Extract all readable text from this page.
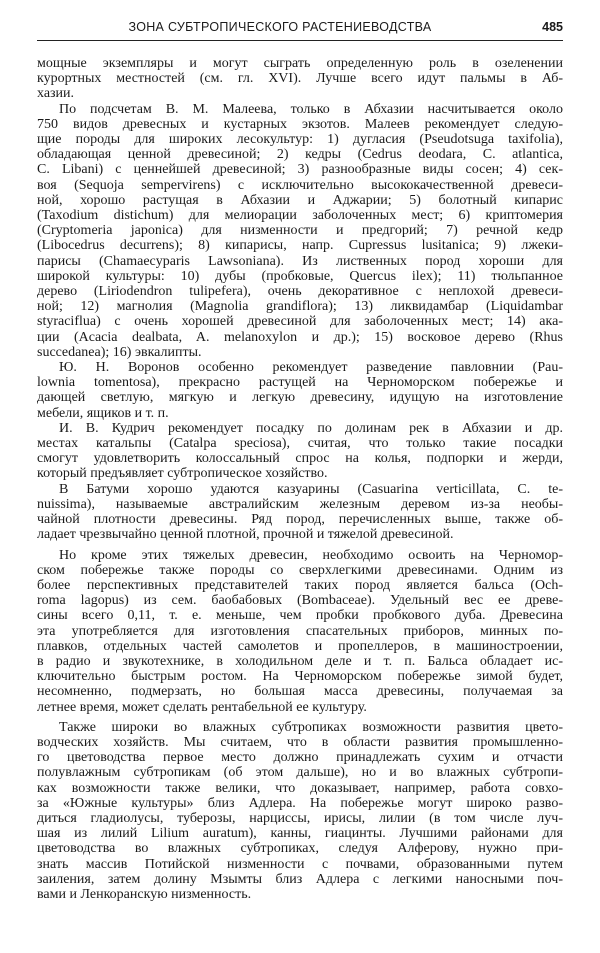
ЗОНА СУБТРОПИЧЕСКОГО РАСТЕНИЕВОДСТВА	485
мощные экземпляры и могут сыграть определенную роль в озеленении
курортных местностей (см. гл. XVI). Лучше всего идут пальмы в Аб-
хазии.
По подсчетам В. М. Малеева, только в Абхазии насчитывается около
750 видов древесных и кустарных экзотов. Малеев рекомендует следую-
щие породы для широких лесокультур: 1) дугласия (Pseudotsuga taxifolia),
обладающая ценной древесиной; 2) кедры (Cedrus deodara, C. atlantica,
C. Libani) с ценнейшей древесиной; 3) разнообразные виды сосен; 4) сек-
воя (Sequoja sempervirens) с исключительно высококачественной древеси-
ной, хорошо растущая в Абхазии и Аджарии; 5) болотный кипарис
(Taxodium distichum) для мелиорации заболоченных мест; 6) криптомерия
(Cryptomeria japonica) для низменности и предгорий; 7) речной кедр
(Libocedrus decurrens); 8) кипарисы, напр. Cupressus lusitanica; 9) лжеки-
парисы (Chamaecyparis Lawsoniana). Из лиственных пород хороши для
широкой культуры: 10) дубы (пробковые, Quercus ilex); 11) тюльпанное
дерево (Liriodendron tulipefera), очень декоративное с неплохой древеси-
ной; 12) магнолия (Magnolia grandiflora); 13) ликвидамбар (Liquidambar
styraciflua) с очень хорошей древесиной для заболоченных мест; 14) ака-
ции (Acacia dealbata, A. melanoxylon и др.); 15) восковое дерево (Rhus
succedanea); 16) эвкалипты.
Ю. Н. Воронов особенно рекомендует разведение павловнии (Pau-
lownia tomentosa), прекрасно растущей на Черноморском побережье и
дающей светлую, мягкую и легкую древесину, идущую на изготовление
мебели, ящиков и т. п.
И. В. Кудрич рекомендует посадку по долинам рек в Абхазии и др.
местах катальпы (Catalpa speciosa), считая, что только такие посадки
смогут удовлетворить колоссальный спрос на колья, подпорки и жерди,
который предъявляет субтропическое хозяйство.
В Батуми хорошо удаются казуарины (Casuarina verticillata, C. te-
nuissima), называемые австралийским железным деревом из-за необы-
чайной плотности древесины. Ряд пород, перечисленных выше, также об-
ладает чрезвычайно ценной плотной, прочной и тяжелой древесиной.
Но кроме этих тяжелых древесин, необходимо освоить на Черномор-
ском побережье также породы со сверхлегкими древесинами. Одним из
более перспективных представителей таких пород является бальса (Och-
roma lagopus) из сем. баобабовых (Bombaceae). Удельный вес ее древе-
сины всего 0,11, т. е. меньше, чем пробки пробкового дуба. Древесина
эта употребляется для изготовления спасательных приборов, минных по-
плавков, отдельных частей самолетов и пропеллеров, в машиностроении,
в радио и звукотехнике, в холодильном деле и т. п. Бальса обладает ис-
ключительно быстрым ростом. На Черноморском побережье зимой будет,
несомненно, подмерзать, но большая масса древесины, получаемая за
летнее время, может сделать рентабельной ее культуру.
Также широки во влажных субтропиках возможности развития цвето-
водческих хозяйств. Мы считаем, что в области развития промышленно-
го цветоводства первое место должно принадлежать сухим и отчасти
полувлажным субтропикам (об этом дальше), но и во влажных субтропи-
ках возможности также велики, что доказывает, например, работа совхо-
за «Южные культуры» близ Адлера. На побережье могут широко разво-
диться гладиолусы, туберозы, нарциссы, ирисы, лилии (в том числе луч-
шая из лилий Lilium auratum), канны, гиацинты. Лучшими районами для
цветоводства во влажных субтропиках, следуя Алферову, нужно при-
знать массив Потийской низменности с почвами, образованными путем
заиления, затем долину Мзымты близ Адлера с легкими наносными поч-
вами и Ленкоранскую низменность.
